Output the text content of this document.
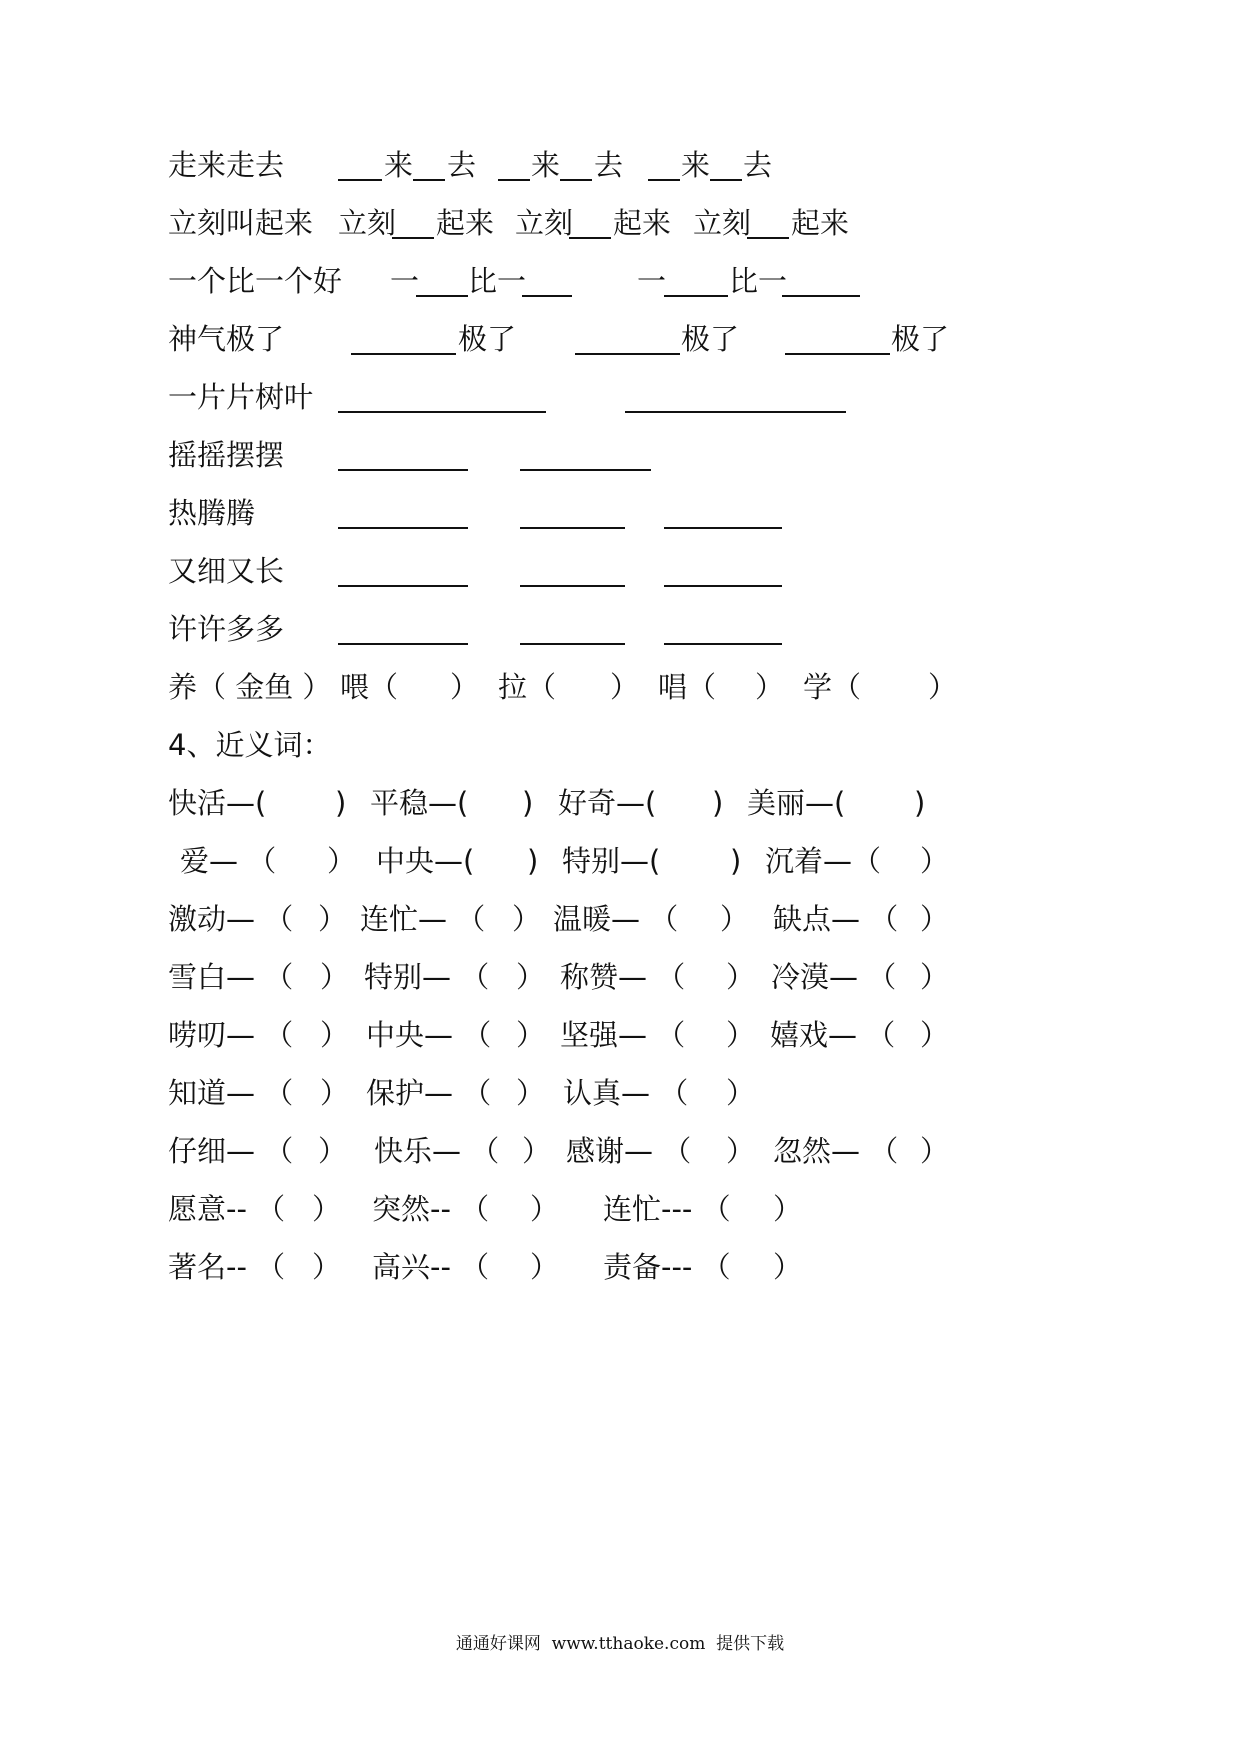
走来走去	来 去 来 去 来 去
立刻叫起来 立刻 起来 立刻 起来 立刻 起来
一个比一个好 一 比一	一 比一
神气极了	极了	极了	极了
一片片树叶
摇摇摆摆
热腾腾
又细又长
许许多多
养（ 金鱼 ） 喂（ ） 拉（ ） 唱（ ） 学（ ）
4、近义词：
快活—( ) 平稳—( ) 好奇—( ) 美丽—( )
爱— （ ） 中央—( ) 特别—( ) 沉着—（ ）
激动— （ ） 连忙— （ ） 温暖— （ ） 缺点— （ ）
雪白— （ ） 特别— （ ） 称赞— （ ） 冷漠— （ ）
唠叨— （ ） 中央— （ ） 坚强— （ ） 嬉戏— （ ）
知道— （ ） 保护— （ ） 认真— （ ）
仔细— （ ） 快乐— （ ） 感谢— （ ） 忽然— （ ）
愿意-- （ ） 突然-- （ ） 连忙--- （ ）
著名-- （ ） 高兴-- （ ） 责备--- （ ）
通通好课网  www.tthaoke.com  提供下载
